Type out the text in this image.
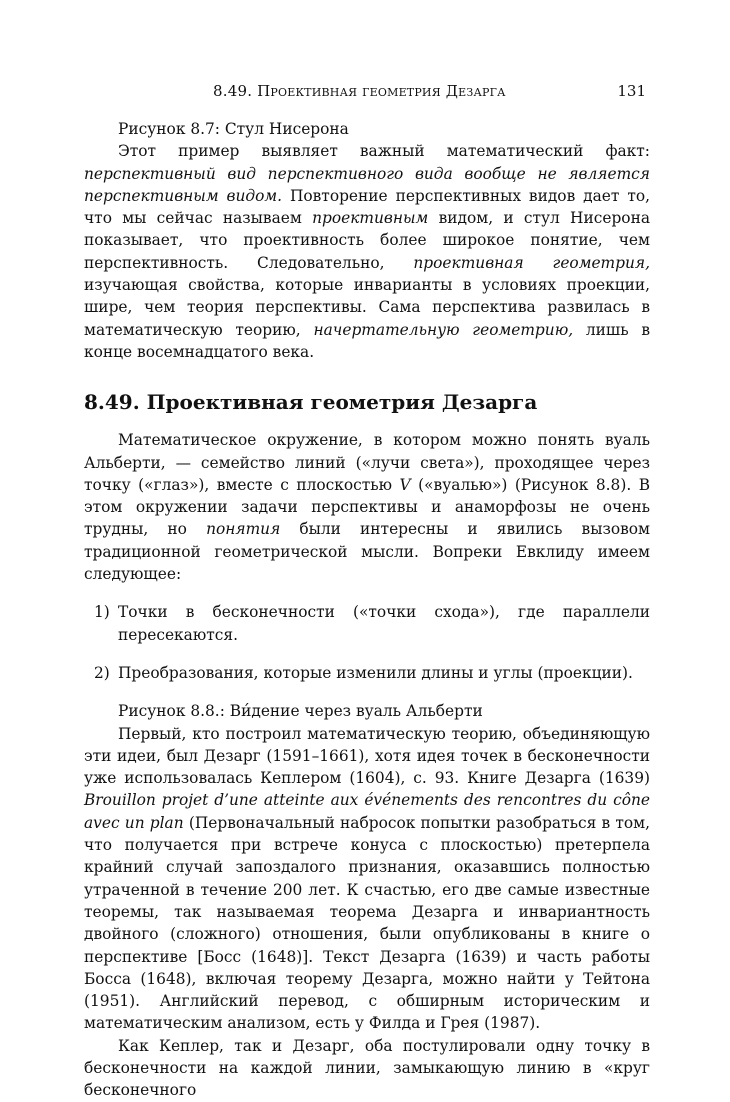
8.49. Проективная геометрия Дезарга	131

Рисунок 8.7: Стул Нисерона

Этот пример выявляет важный математический факт: перспективный вид перспективного вида вообще не является перспективным видом. Повторение перспективных видов дает то, что мы сейчас называем проективным видом, и стул Нисерона показывает, что проективность более широкое понятие, чем перспективность. Следовательно, проективная геометрия, изучающая свойства, которые инварианты в условиях проекции, шире, чем теория перспективы. Сама перспектива развилась в математическую теорию, начертательную геометрию, лишь в конце восемнадцатого века.

8.49. Проективная геометрия Дезарга

Математическое окружение, в котором можно понять вуаль Альберти, — семейство линий («лучи света»), проходящее через точку («глаз»), вместе с плоскостью V («вуалью») (Рисунок 8.8). В этом окружении задачи перспективы и анаморфозы не очень трудны, но понятия были интересны и явились вызовом традиционной геометрической мысли. Вопреки Евклиду имеем следующее:

1) Точки в бесконечности («точки схода»), где параллели пересекаются.
2) Преобразования, которые изменили длины и углы (проекции).

Рисунок 8.8.: Ви́дение через вуаль Альберти

Первый, кто построил математическую теорию, объединяющую эти идеи, был Дезарг (1591–1661), хотя идея точек в бесконечности уже использовалась Кеплером (1604), с. 93. Книге Дезарга (1639) Brouillon projet d’une atteinte aux événements des rencontres du cône avec un plan (Первоначальный набросок попытки разобраться в том, что получается при встрече конуса с плоскостью) претерпела крайний случай запоздалого признания, оказавшись полностью утраченной в течение 200 лет. К счастью, его две самые известные теоремы, так называемая теорема Дезарга и инвариантность двойного (сложного) отношения, были опубликованы в книге о перспективе [Босс (1648)]. Текст Дезарга (1639) и часть работы Босса (1648), включая теорему Дезарга, можно найти у Тейтона (1951). Английский перевод, с обширным историческим и математическим анализом, есть у Филда и Грея (1987).

Как Кеплер, так и Дезарг, оба постулировали одну точку в бесконечности на каждой линии, замыкающую линию в «круг бесконечного
